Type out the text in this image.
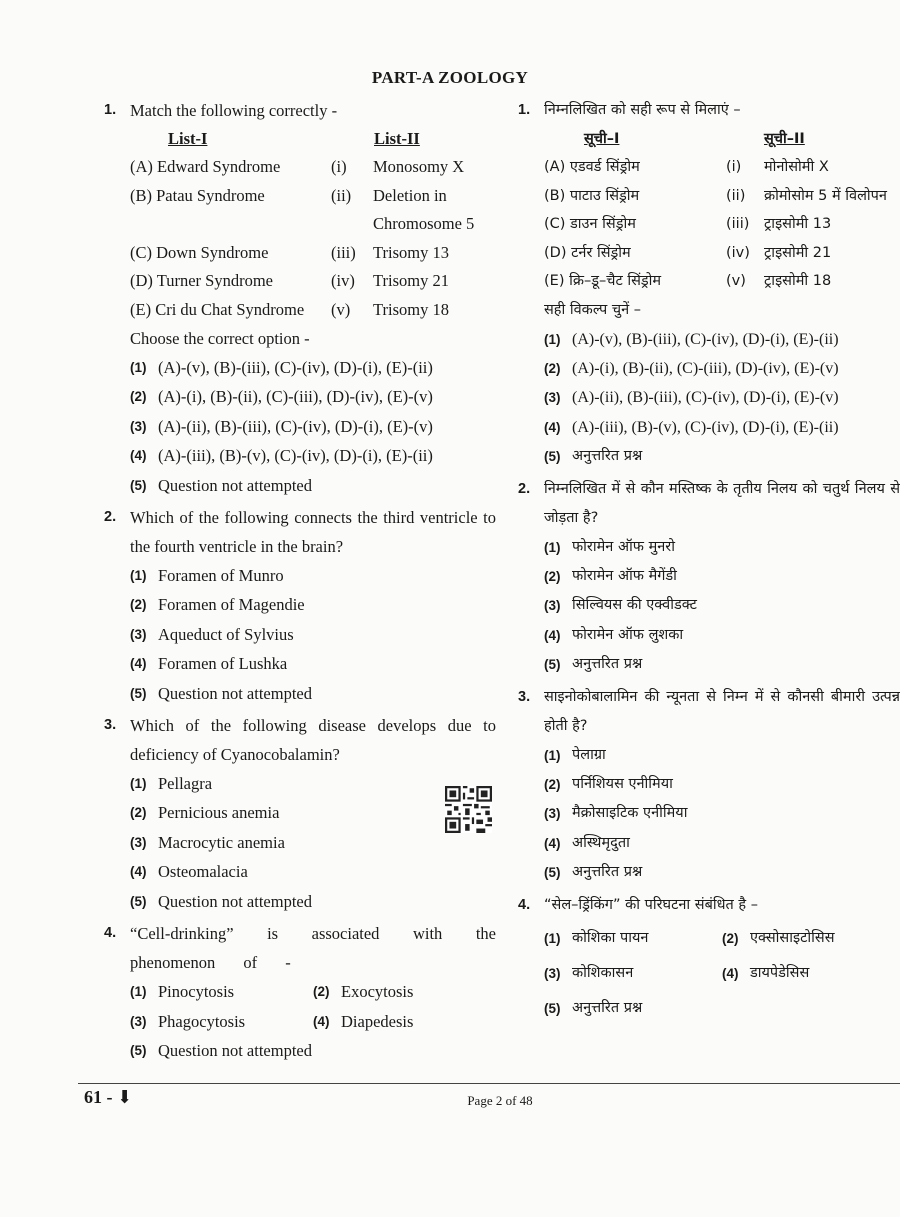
PART-A ZOOLOGY
1. Match the following correctly -
List-I	List-II
(A) Edward Syndrome	(i)	Monosomy X
(B) Patau Syndrome	(ii)	Deletion in Chromosome 5
(C) Down Syndrome	(iii)	Trisomy 13
(D) Turner Syndrome	(iv)	Trisomy 21
(E) Cri du Chat Syndrome	(v)	Trisomy 18
Choose the correct option -
(1) (A)-(v), (B)-(iii), (C)-(iv), (D)-(i), (E)-(ii)
(2) (A)-(i), (B)-(ii), (C)-(iii), (D)-(iv), (E)-(v)
(3) (A)-(ii), (B)-(iii), (C)-(iv), (D)-(i), (E)-(v)
(4) (A)-(iii), (B)-(v), (C)-(iv), (D)-(i), (E)-(ii)
(5) Question not attempted
2. Which of the following connects the third ventricle to the fourth ventricle in the brain?
(1) Foramen of Munro
(2) Foramen of Magendie
(3) Aqueduct of Sylvius
(4) Foramen of Lushka
(5) Question not attempted
3. Which of the following disease develops due to deficiency of Cyanocobalamin?
(1) Pellagra
(2) Pernicious anemia
(3) Macrocytic anemia
(4) Osteomalacia
(5) Question not attempted
4. “Cell-drinking” is associated with the phenomenon of -
(1) Pinocytosis	(2) Exocytosis
(3) Phagocytosis	(4) Diapedesis
(5) Question not attempted
1. निम्नलिखित को सही रूप से मिलाएं –
सूची–I	सूची–II
(A) एडवर्ड सिंड्रोम	(i)	मोनोसोमी X
(B) पाटाउ सिंड्रोम	(ii)	क्रोमोसोम 5 में विलोपन
(C) डाउन सिंड्रोम	(iii)	ट्राइसोमी 13
(D) टर्नर सिंड्रोम	(iv) ट्राइसोमी 21
(E) क्रि–डू–चैट सिंड्रोम	(v)	ट्राइसोमी 18
सही विकल्प चुनें –
(1) (A)-(v), (B)-(iii), (C)-(iv), (D)-(i), (E)-(ii)
(2) (A)-(i), (B)-(ii), (C)-(iii), (D)-(iv), (E)-(v)
(3) (A)-(ii), (B)-(iii), (C)-(iv), (D)-(i), (E)-(v)
(4) (A)-(iii), (B)-(v), (C)-(iv), (D)-(i), (E)-(ii)
(5) अनुत्तरित प्रश्न
2. निम्नलिखित में से कौन मस्तिष्क के तृतीय निलय को चतुर्थ निलय से जोड़ता है?
(1) फोरामेन ऑफ मुनरो
(2) फोरामेन ऑफ मैगेंडी
(3) सिल्वियस की एक्वीडक्ट
(4) फोरामेन ऑफ लुशका
(5) अनुत्तरित प्रश्न
3. साइनोकोबालामिन की न्यूनता से निम्न में से कौनसी बीमारी उत्पन्न होती है?
(1) पेलाग्रा
(2) पर्निशियस एनीमिया
(3) मैक्रोसाइटिक एनीमिया
(4) अस्थिमृदुता
(5) अनुत्तरित प्रश्न
4. “सेल–ड्रिंकिंग” की परिघटना संबंधित है –
(1) कोशिका पायन	(2) एक्सोसाइटोसिस
(3) कोशिकासन	(4) डायपेडेसिस
(5) अनुत्तरित प्रश्न
61 - ⬇	Page 2 of 48
